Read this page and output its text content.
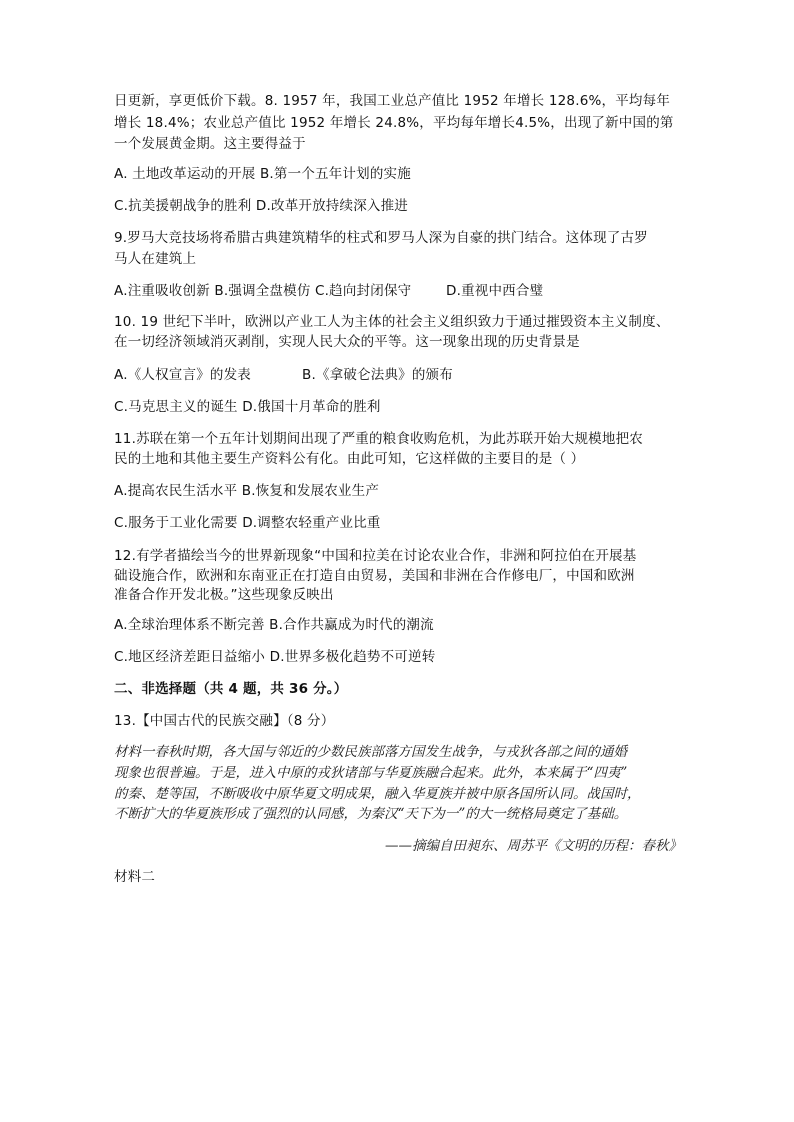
日更新，享更低价下载。8. 1957 年，我国工业总产值比 1952 年增长 128.6%，平均每年
增长 18.4%；农业总产值比 1952 年增长 24.8%，平均每年增长4.5%，出现了新中国的第
一个发展黄金期。这主要得益于
A. 土地改革运动的开展 B.第一个五年计划的实施
C.抗美援朝战争的胜利 D.改革开放持续深入推进
9.罗马大竞技场将希腊古典建筑精华的柱式和罗马人深为自豪的拱门结合。这体现了古罗
马人在建筑上
A.注重吸收创新 B.强调全盘模仿 C.趋向封闭保守	D.重视中西合璧
10. 19 世纪下半叶，欧洲以产业工人为主体的社会主义组织致力于通过摧毁资本主义制度、
在一切经济领域消灭剥削，实现人民大众的平等。这一现象出现的历史背景是
A.《人权宣言》的发表	B.《拿破仑法典》的颁布
C.马克思主义的诞生 D.俄国十月革命的胜利
11.苏联在第一个五年计划期间出现了严重的粮食收购危机，为此苏联开始大规模地把农
民的土地和其他主要生产资料公有化。由此可知，它这样做的主要目的是（ ）
A.提高农民生活水平 B.恢复和发展农业生产
C.服务于工业化需要 D.调整农轻重产业比重
12.有学者描绘当今的世界新现象“中国和拉美在讨论农业合作，非洲和阿拉伯在开展基
础设施合作，欧洲和东南亚正在打造自由贸易，美国和非洲在合作修电厂，中国和欧洲
准备合作开发北极。”这些现象反映出
A.全球治理体系不断完善 B.合作共赢成为时代的潮流
C.地区经济差距日益缩小 D.世界多极化趋势不可逆转
二、非选择题（共 4 题，共 36 分。）
13.【中国古代的民族交融】（8 分）
材料一春秋时期，各大国与邻近的少数民族部落方国发生战争，与戎狄各部之间的通婚
现象也很普遍。于是，进入中原的戎狄诸部与华夏族融合起来。此外，本来属于“四夷”
的秦、楚等国，不断吸收中原华夏文明成果，融入华夏族并被中原各国所认同。战国时，
不断扩大的华夏族形成了强烈的认同感，为秦汉“天下为一”的大一统格局奠定了基础。
——摘编自田昶东、周苏平《文明的历程：春秋》
材料二
